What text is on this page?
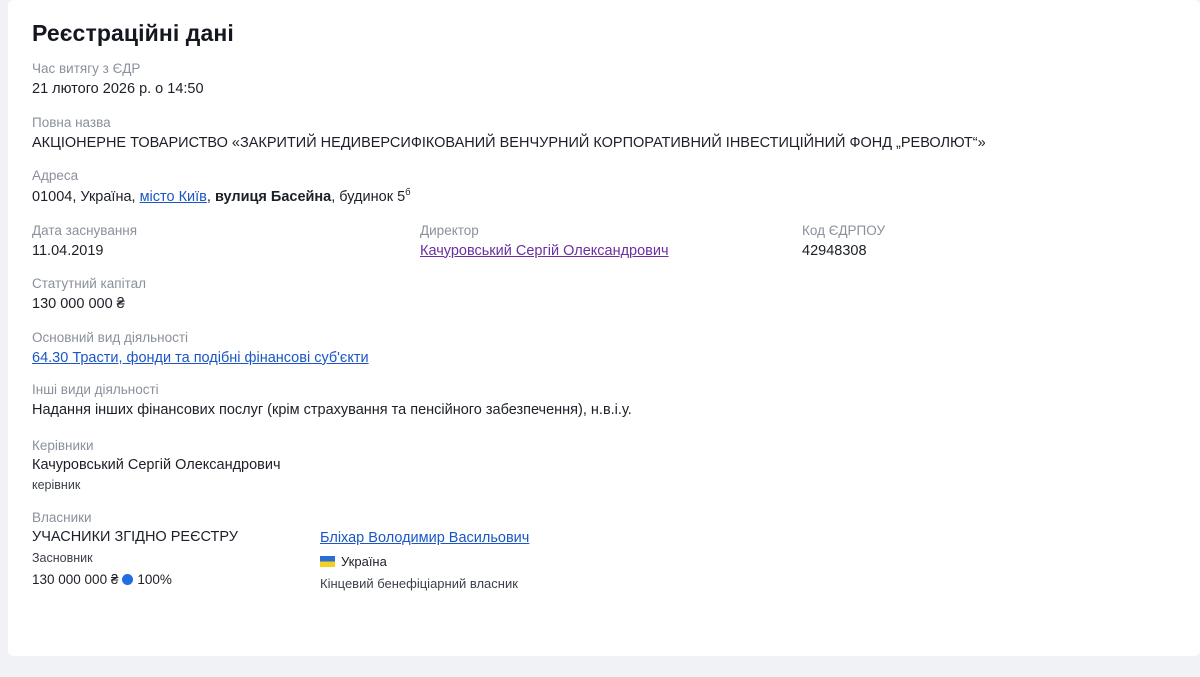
Реєстраційні дані
Час витягу з ЄДР
21 лютого 2026 р. о 14:50
Повна назва
АКЦІОНЕРНЕ ТОВАРИСТВО «ЗАКРИТИЙ НЕДИВЕРСИФІКОВАНИЙ ВЕНЧУРНИЙ КОРПОРАТИВНИЙ ІНВЕСТИЦІЙНИЙ ФОНД „РЕВОЛЮТ“»
Адреса
01004, Україна, місто Київ, вулиця Басейна, будинок $5^б$
Дата заснування
11.04.2019
Директор
Качуровський Сергій Олександрович
Код ЄДРПОУ
42948308
Статутний капітал
130 000 000 ₴
Основний вид діяльності
64.30 Трасти, фонди та подібні фінансові суб'єкти
Інші види діяльності
Надання інших фінансових послуг (крім страхування та пенсійного забезпечення), н.в.і.у.
Керівники
Качуровський Сергій Олександрович
керівник
Власники
УЧАСНИКИ ЗГІДНО РЕЄСТРУ
Засновник
130 000 000 ₴ 100%
Бліхар Володимир Васильович
Україна
Кінцевий бенефіціарний власник
